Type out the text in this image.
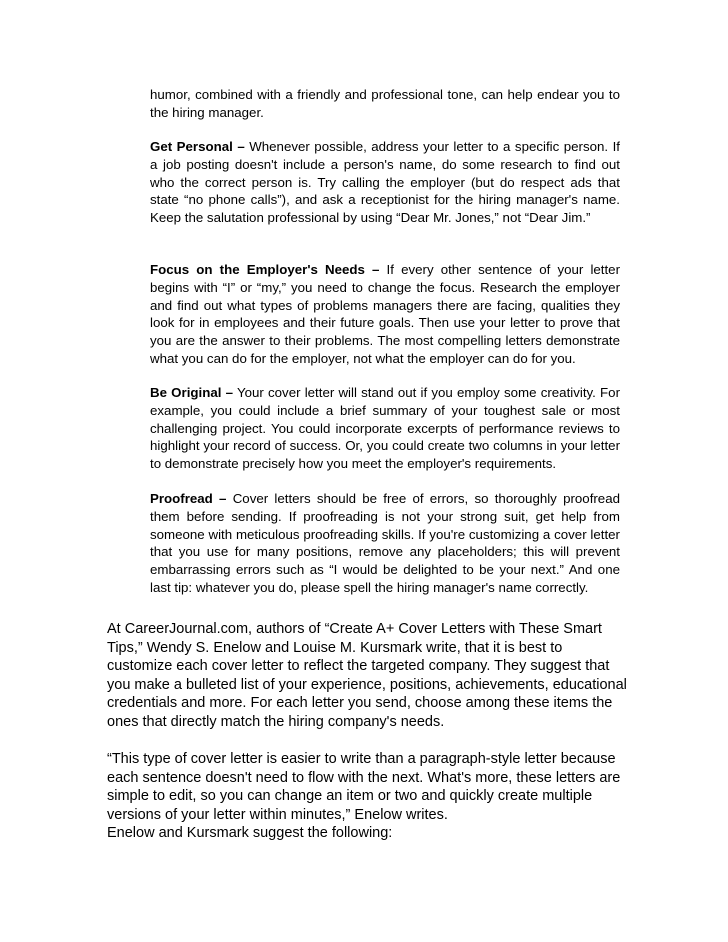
humor, combined with a friendly and professional tone, can help endear you to the hiring manager.

Get Personal – Whenever possible, address your letter to a specific person. If a job posting doesn't include a person's name, do some research to find out who the correct person is. Try calling the employer (but do respect ads that state “no phone calls”), and ask a receptionist for the hiring manager's name. Keep the salutation professional by using “Dear Mr. Jones,” not “Dear Jim.”

Focus on the Employer's Needs – If every other sentence of your letter begins with “I” or “my,” you need to change the focus. Research the employer and find out what types of problems managers there are facing, qualities they look for in employees and their future goals. Then use your letter to prove that you are the answer to their problems. The most compelling letters demonstrate what you can do for the employer, not what the employer can do for you.

Be Original – Your cover letter will stand out if you employ some creativity. For example, you could include a brief summary of your toughest sale or most challenging project. You could incorporate excerpts of performance reviews to highlight your record of success. Or, you could create two columns in your letter to demonstrate precisely how you meet the employer's requirements.

Proofread – Cover letters should be free of errors, so thoroughly proofread them before sending. If proofreading is not your strong suit, get help from someone with meticulous proofreading skills. If you're customizing a cover letter that you use for many positions, remove any placeholders; this will prevent embarrassing errors such as “I would be delighted to be your next.” And one last tip: whatever you do, please spell the hiring manager's name correctly.

At CareerJournal.com, authors of “Create A+ Cover Letters with These Smart
Tips,” Wendy S. Enelow and Louise M. Kursmark write, that it is best to
customize each cover letter to reflect the targeted company. They suggest that
you make a bulleted list of your experience, positions, achievements, educational
credentials and more. For each letter you send, choose among these items the
ones that directly match the hiring company's needs.

“This type of cover letter is easier to write than a paragraph-style letter because
each sentence doesn't need to flow with the next. What's more, these letters are
simple to edit, so you can change an item or two and quickly create multiple
versions of your letter within minutes,” Enelow writes.

Enelow and Kursmark suggest the following:
